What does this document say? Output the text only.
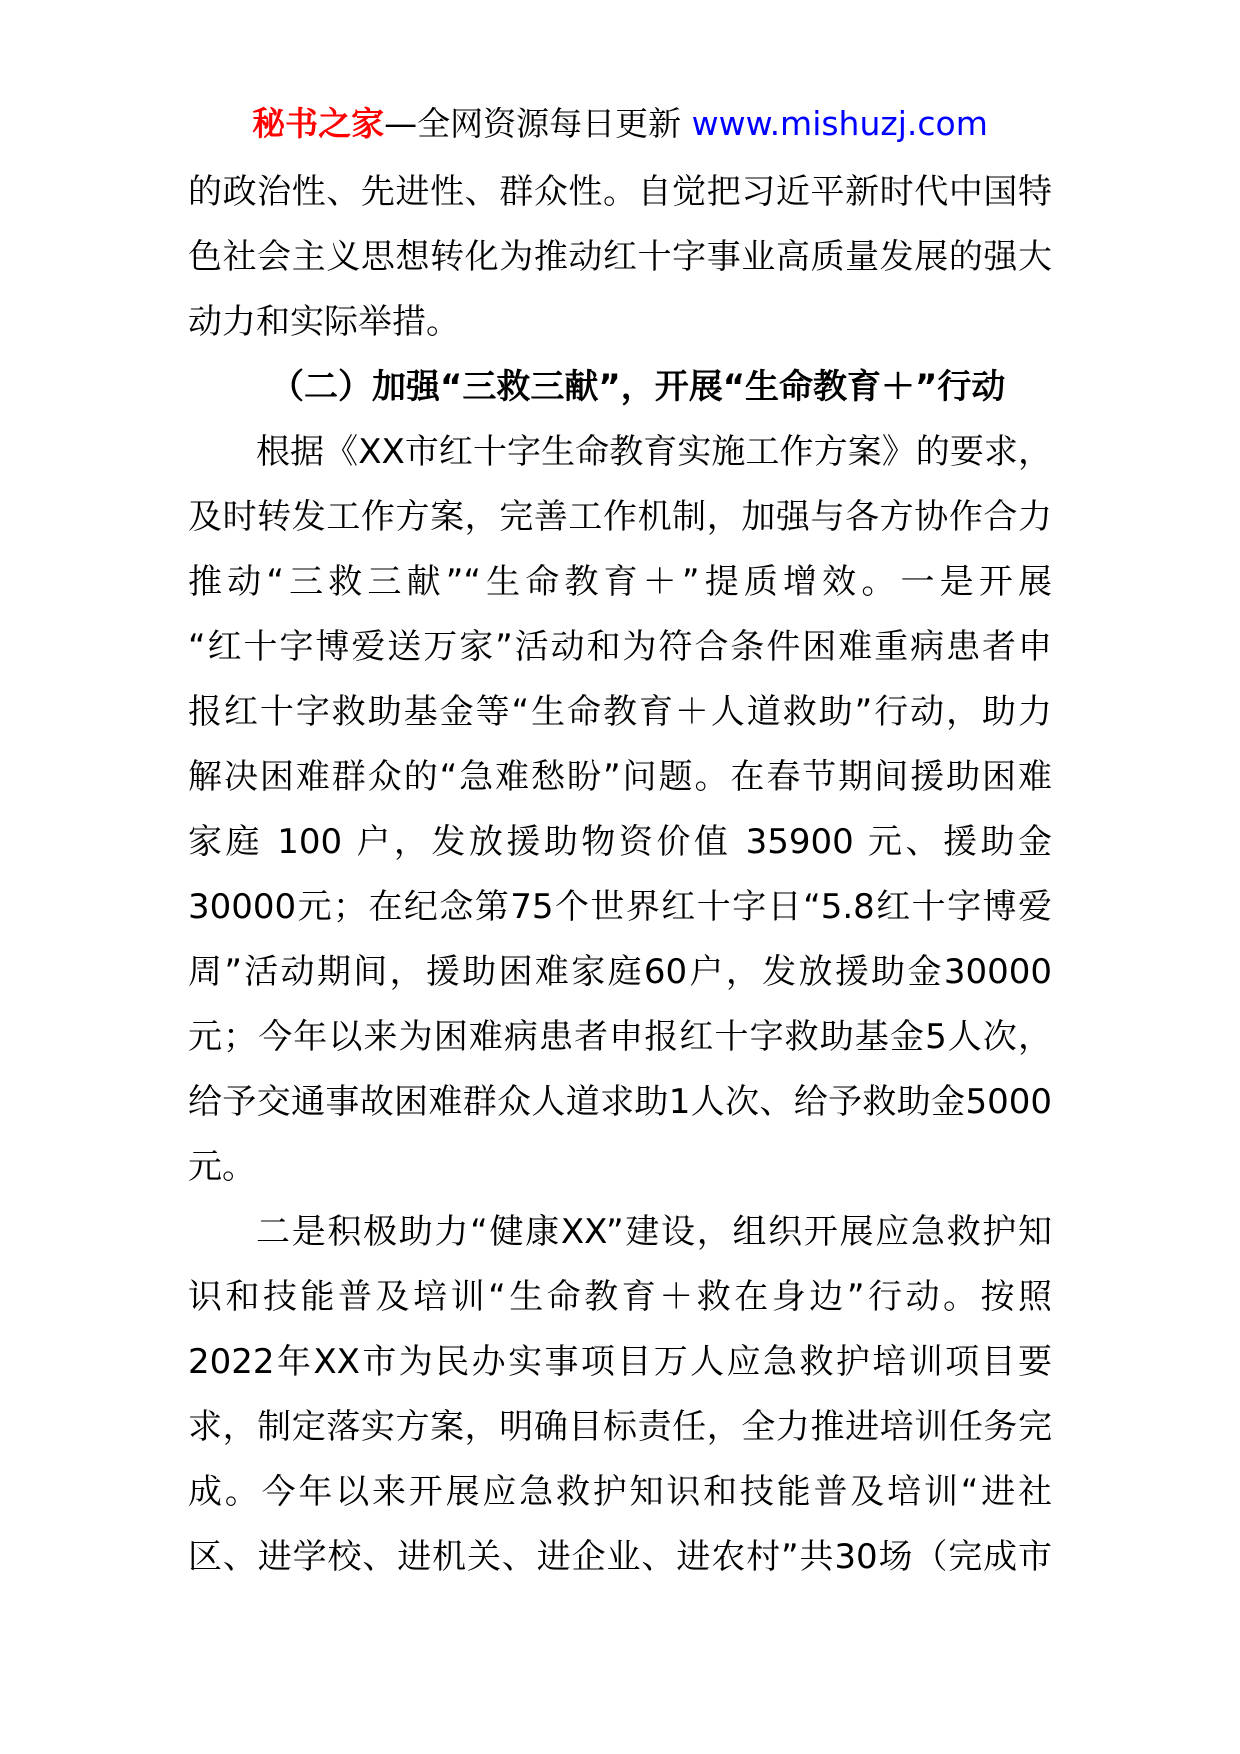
秘书之家—全网资源每日更新 www.mishuzj.com
的政治性、先进性、群众性。自觉把习近平新时代中国特
色社会主义思想转化为推动红十字事业高质量发展的强大
动力和实际举措。
（二）加强“三救三献”，开展“生命教育＋”行动
根据《XX市红十字生命教育实施工作方案》的要求，
及时转发工作方案，完善工作机制，加强与各方协作合力
推动“三救三献”“生命教育＋”提质增效。一是开展
“红十字博爱送万家”活动和为符合条件困难重病患者申
报红十字救助基金等“生命教育＋人道救助”行动，助力
解决困难群众的“急难愁盼”问题。在春节期间援助困难
家庭 100 户，发放援助物资价值 35900 元、援助金
30000元；在纪念第75个世界红十字日“5.8红十字博爱
周”活动期间，援助困难家庭60户，发放援助金30000
元；今年以来为困难病患者申报红十字救助基金5人次，
给予交通事故困难群众人道求助1人次、给予救助金5000
元。
二是积极助力“健康XX”建设，组织开展应急救护知
识和技能普及培训“生命教育＋救在身边”行动。按照
2022年XX市为民办实事项目万人应急救护培训项目要
求，制定落实方案，明确目标责任，全力推进培训任务完
成。今年以来开展应急救护知识和技能普及培训“进社
区、进学校、进机关、进企业、进农村”共30场（完成市
